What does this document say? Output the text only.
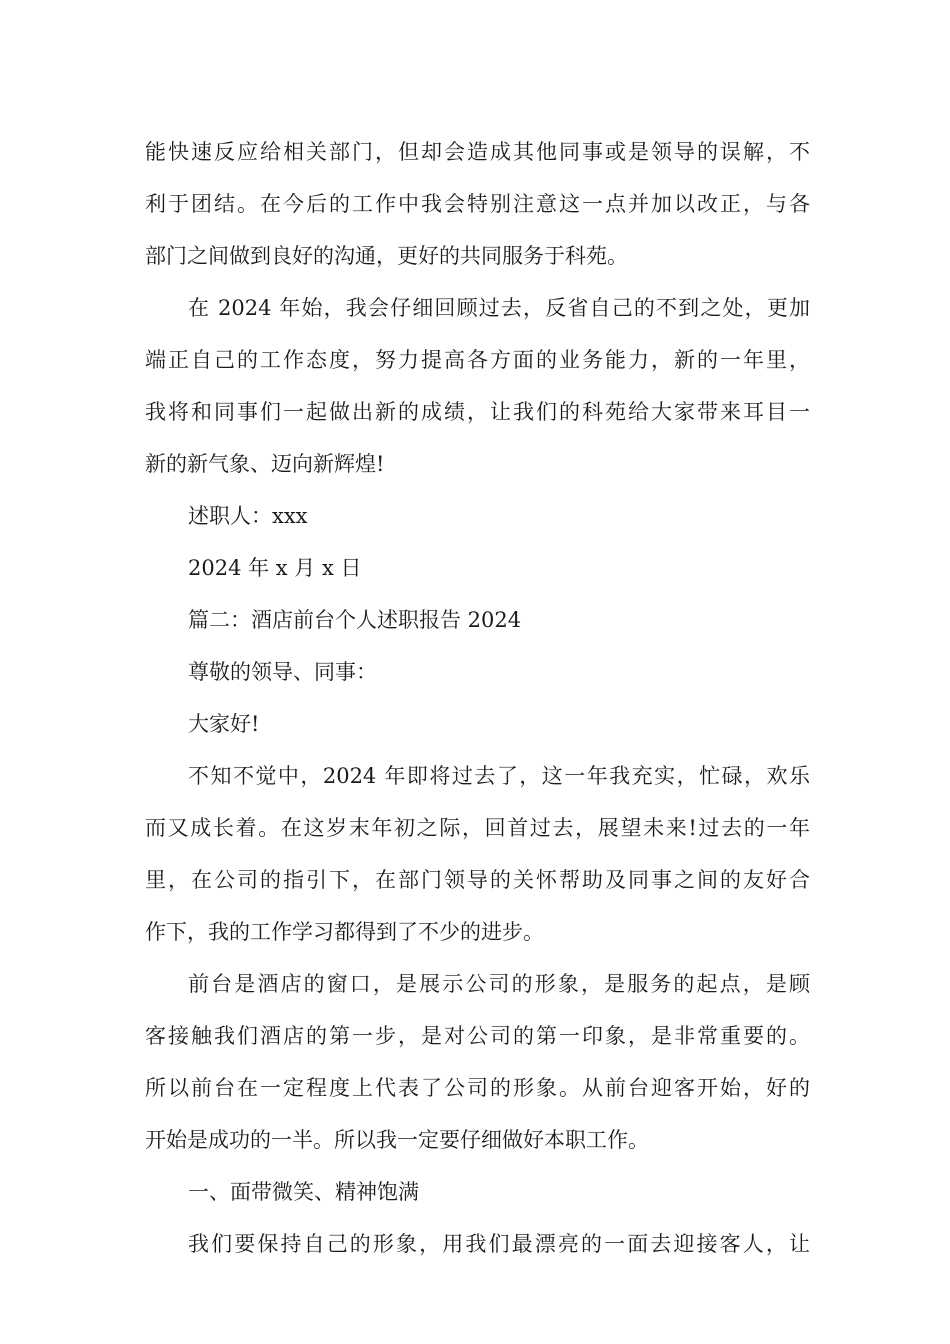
能快速反应给相关部门，但却会造成其他同事或是领导的误解，不
利于团结。在今后的工作中我会特别注意这一点并加以改正，与各
部门之间做到良好的沟通，更好的共同服务于科苑。
在 2024 年始，我会仔细回顾过去，反省自己的不到之处，更加
端正自己的工作态度，努力提高各方面的业务能力，新的一年里，
我将和同事们一起做出新的成绩，让我们的科苑给大家带来耳目一
新的新气象、迈向新辉煌!
述职人：xxx
2024 年 x 月 x 日
篇二：酒店前台个人述职报告 2024
尊敬的领导、同事：
大家好!
不知不觉中，2024 年即将过去了，这一年我充实，忙碌，欢乐
而又成长着。在这岁末年初之际，回首过去，展望未来!过去的一年
里，在公司的指引下，在部门领导的关怀帮助及同事之间的友好合
作下，我的工作学习都得到了不少的进步。
前台是酒店的窗口，是展示公司的形象，是服务的起点，是顾
客接触我们酒店的第一步，是对公司的第一印象，是非常重要的。
所以前台在一定程度上代表了公司的形象。从前台迎客开始，好的
开始是成功的一半。所以我一定要仔细做好本职工作。
一、面带微笑、精神饱满
我们要保持自己的形象，用我们最漂亮的一面去迎接客人，让
